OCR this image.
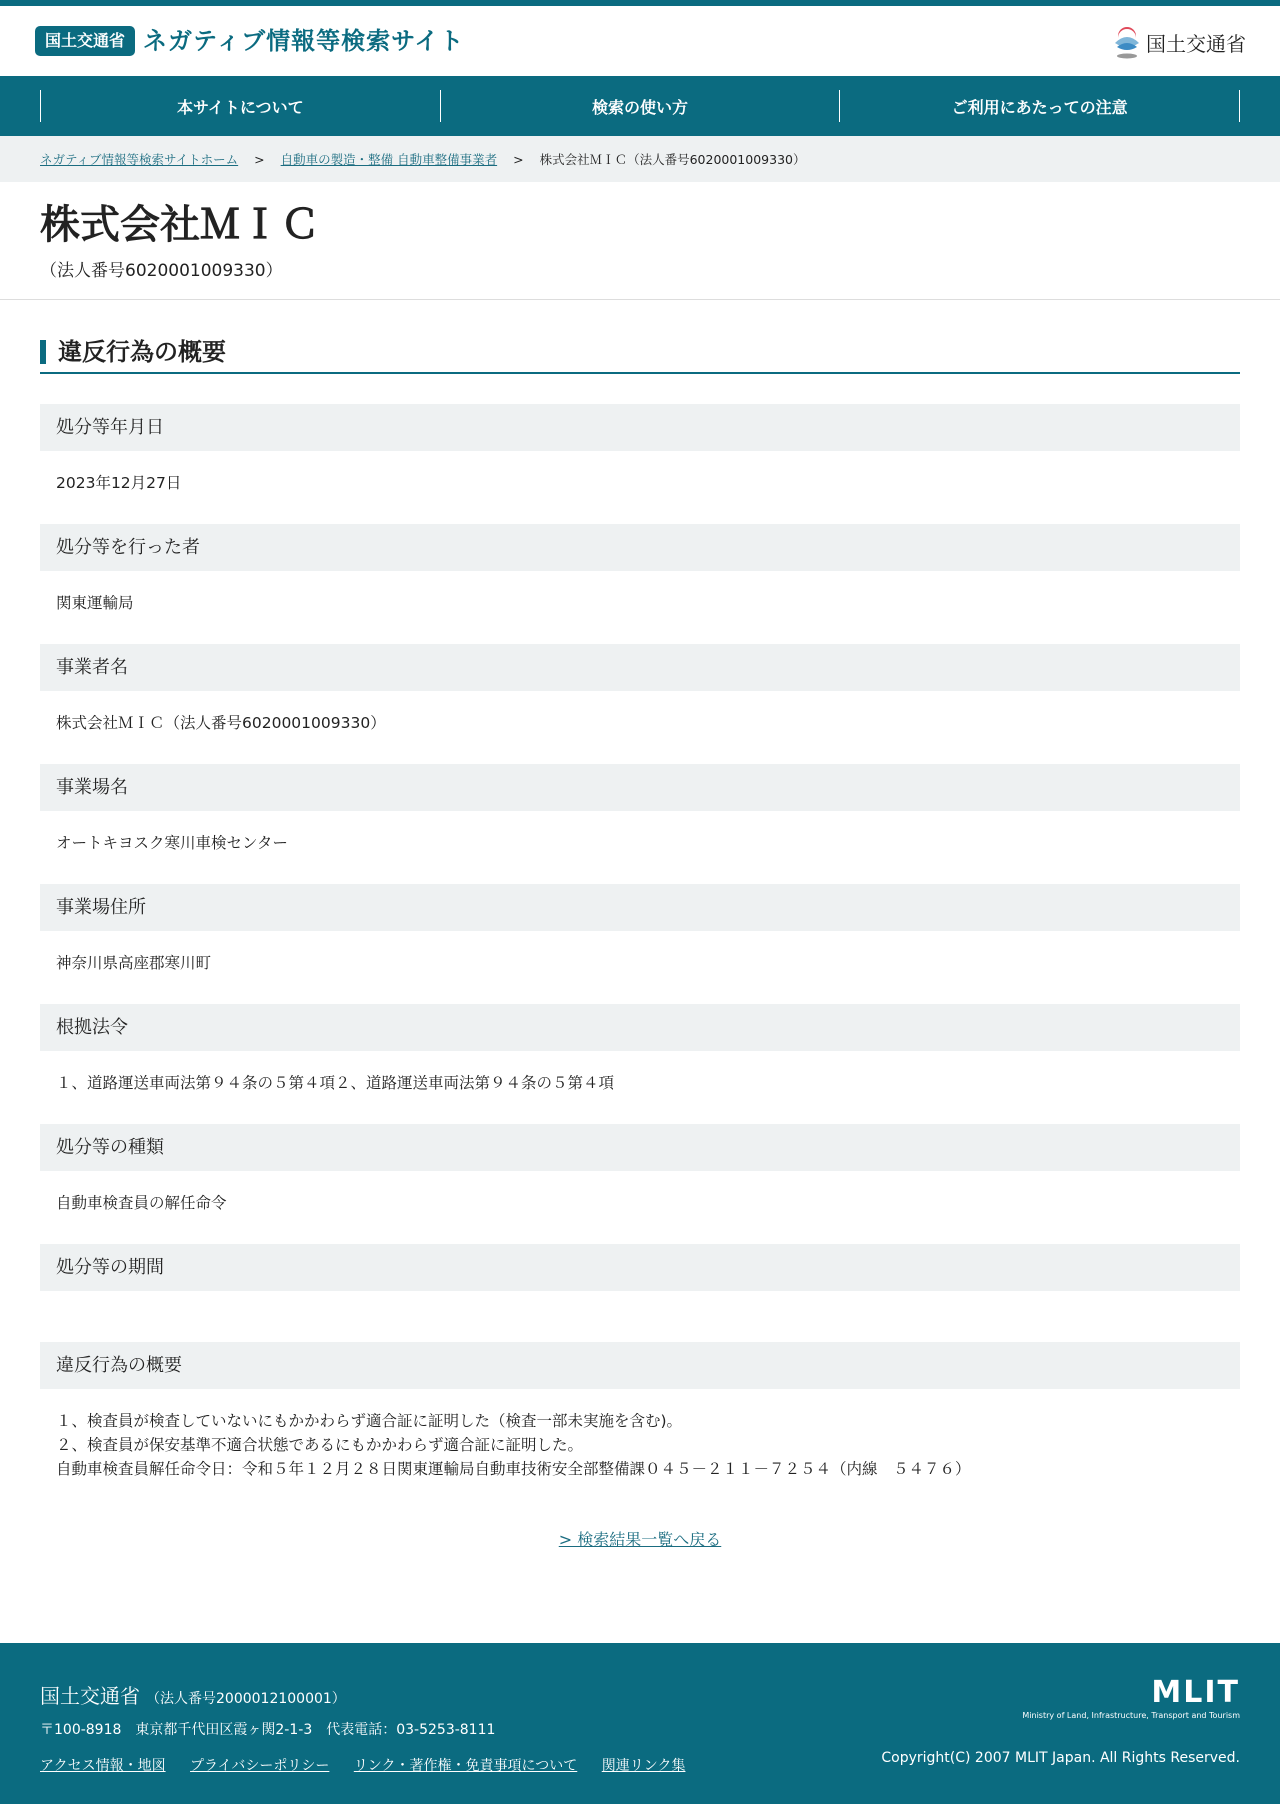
国土交通省 ネガティブ情報等検索サイト	国土交通省
本サイトについて	検索の使い方	ご利用にあたっての注意
ネガティブ情報等検索サイトホーム > 自動車の製造・整備 自動車整備事業者 > 株式会社ＭＩＣ（法人番号6020001009330）
株式会社ＭＩＣ
（法人番号6020001009330）
違反行為の概要
処分等年月日
2023年12月27日
処分等を行った者
関東運輸局
事業者名
株式会社ＭＩＣ（法人番号6020001009330）
事業場名
オートキヨスク寒川車検センター
事業場住所
神奈川県高座郡寒川町
根拠法令
１、道路運送車両法第９４条の５第４項２、道路運送車両法第９４条の５第４項
処分等の種類
自動車検査員の解任命令
処分等の期間
違反行為の概要
１、検査員が検査していないにもかかわらず適合証に証明した（検査一部未実施を含む)。
２、検査員が保安基準不適合状態であるにもかかわらず適合証に証明した。
自動車検査員解任命令日：令和５年１２月２８日関東運輸局自動車技術安全部整備課０４５－２１１－７２５４（内線　５４７６）
> 検索結果一覧へ戻る
国土交通省 （法人番号2000012100001）
〒100-8918　東京都千代田区霞ヶ関2-1-3　代表電話：03-5253-8111
アクセス情報・地図 プライバシーポリシー リンク・著作権・免責事項について 関連リンク集
MLIT
Ministry of Land, Infrastructure, Transport and Tourism
Copyright(C) 2007 MLIT Japan. All Rights Reserved.
